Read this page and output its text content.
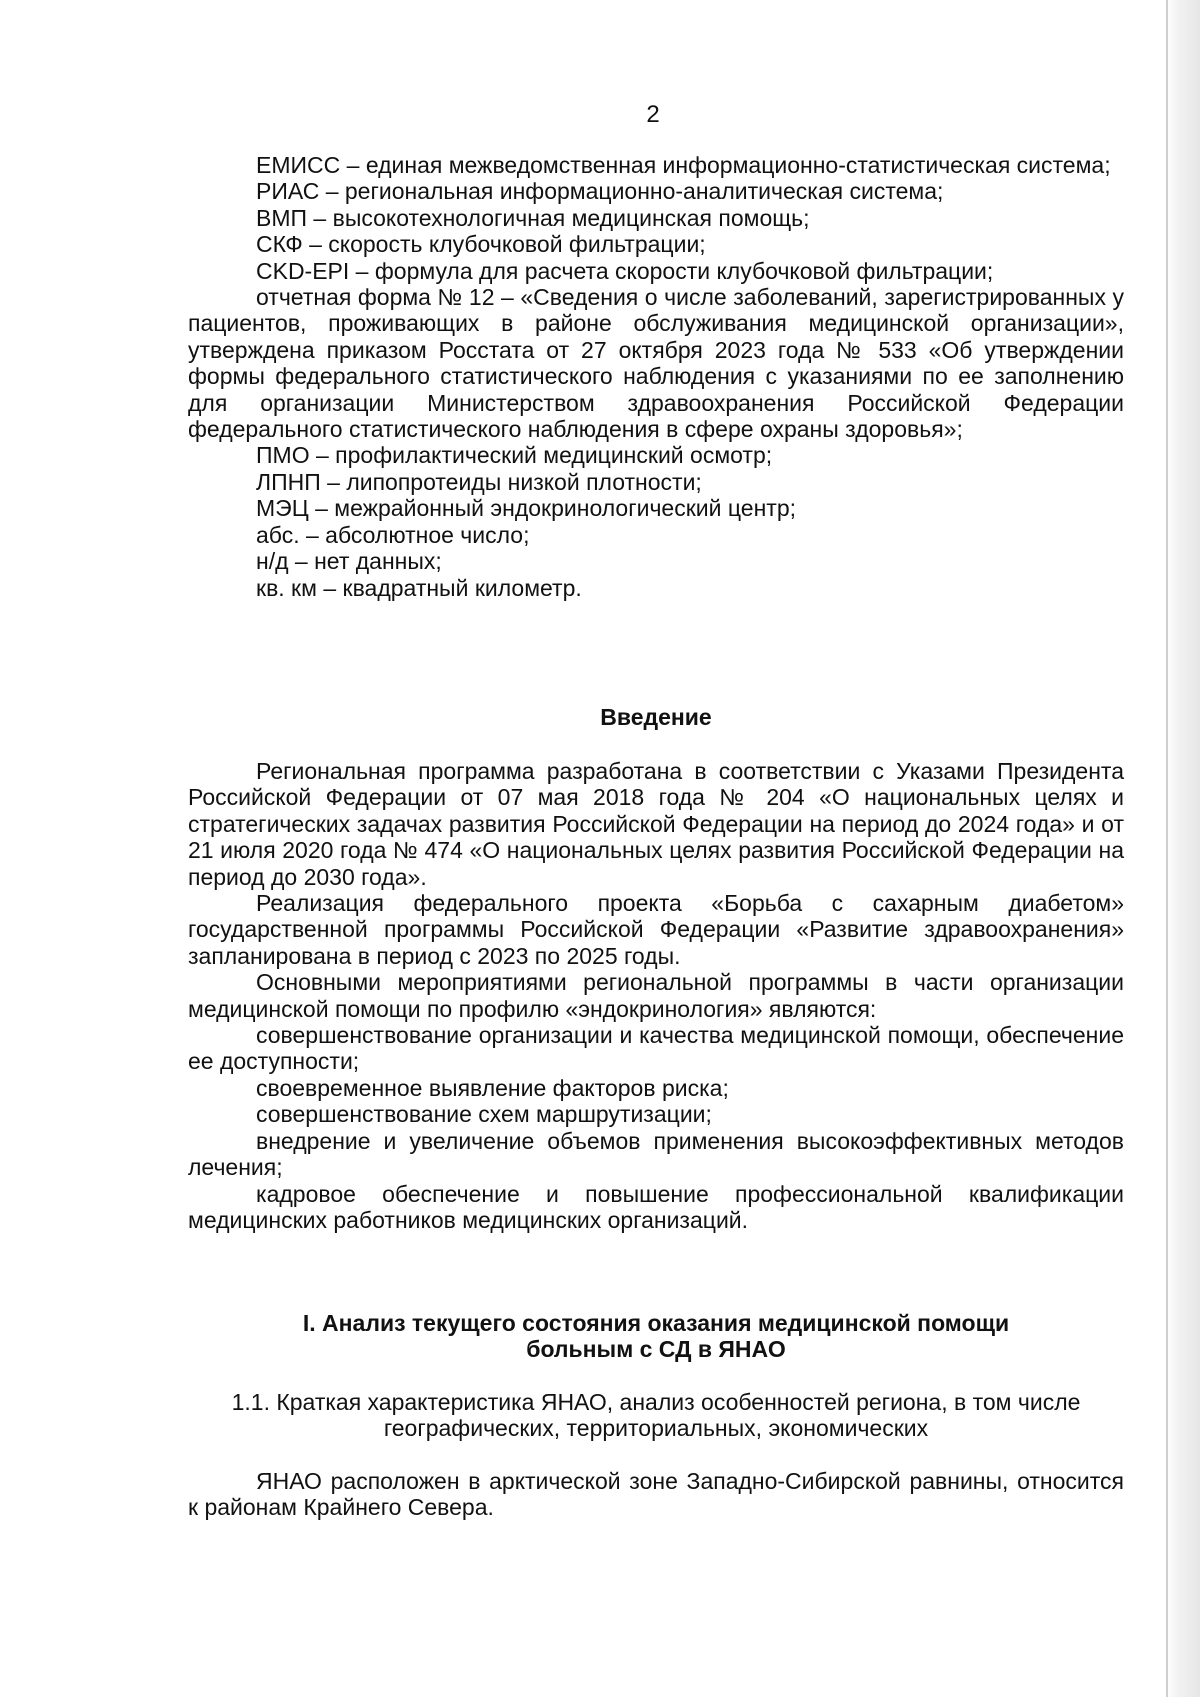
2

ЕМИСС – единая межведомственная информационно-статистическая система;

РИАС – региональная информационно-аналитическая система;

ВМП – высокотехнологичная медицинская помощь;

СКФ – скорость клубочковой фильтрации;

CKD-EPI – формула для расчета скорости клубочковой фильтрации;

отчетная форма № 12 – «Сведения о числе заболеваний, зарегистрированных у пациентов, проживающих в районе обслуживания медицинской организации», утверждена приказом Росстата от 27 октября 2023 года № 533 «Об утверждении формы федерального статистического наблюдения с указаниями по ее заполнению для организации Министерством здравоохранения Российской Федерации федерального статистического наблюдения в сфере охраны здоровья»;

ПМО – профилактический медицинский осмотр;

ЛПНП – липопротеиды низкой плотности;

МЭЦ – межрайонный эндокринологический центр;

абс. – абсолютное число;

н/д – нет данных;

кв. км – квадратный километр.

Введение

Региональная программа разработана в соответствии с Указами Президента Российской Федерации от 07 мая 2018 года № 204 «О национальных целях и стратегических задачах развития Российской Федерации на период до 2024 года» и от 21 июля 2020 года № 474 «О национальных целях развития Российской Федерации на период до 2030 года».

Реализация федерального проекта «Борьба с сахарным диабетом» государственной программы Российской Федерации «Развитие здравоохранения» запланирована в период с 2023 по 2025 годы.

Основными мероприятиями региональной программы в части организации медицинской помощи по профилю «эндокринология» являются:

совершенствование организации и качества медицинской помощи, обеспечение ее доступности;

своевременное выявление факторов риска;

совершенствование схем маршрутизации;

внедрение и увеличение объемов применения высокоэффективных методов лечения;

кадровое обеспечение и повышение профессиональной квалификации медицинских работников медицинских организаций.

I. Анализ текущего состояния оказания медицинской помощи
больным с СД в ЯНАО
1.1. Краткая характеристика ЯНАО, анализ особенностей региона, в том числе
географических, территориальных, экономических

ЯНАО расположен в арктической зоне Западно-Сибирской равнины, относится к районам Крайнего Севера.
